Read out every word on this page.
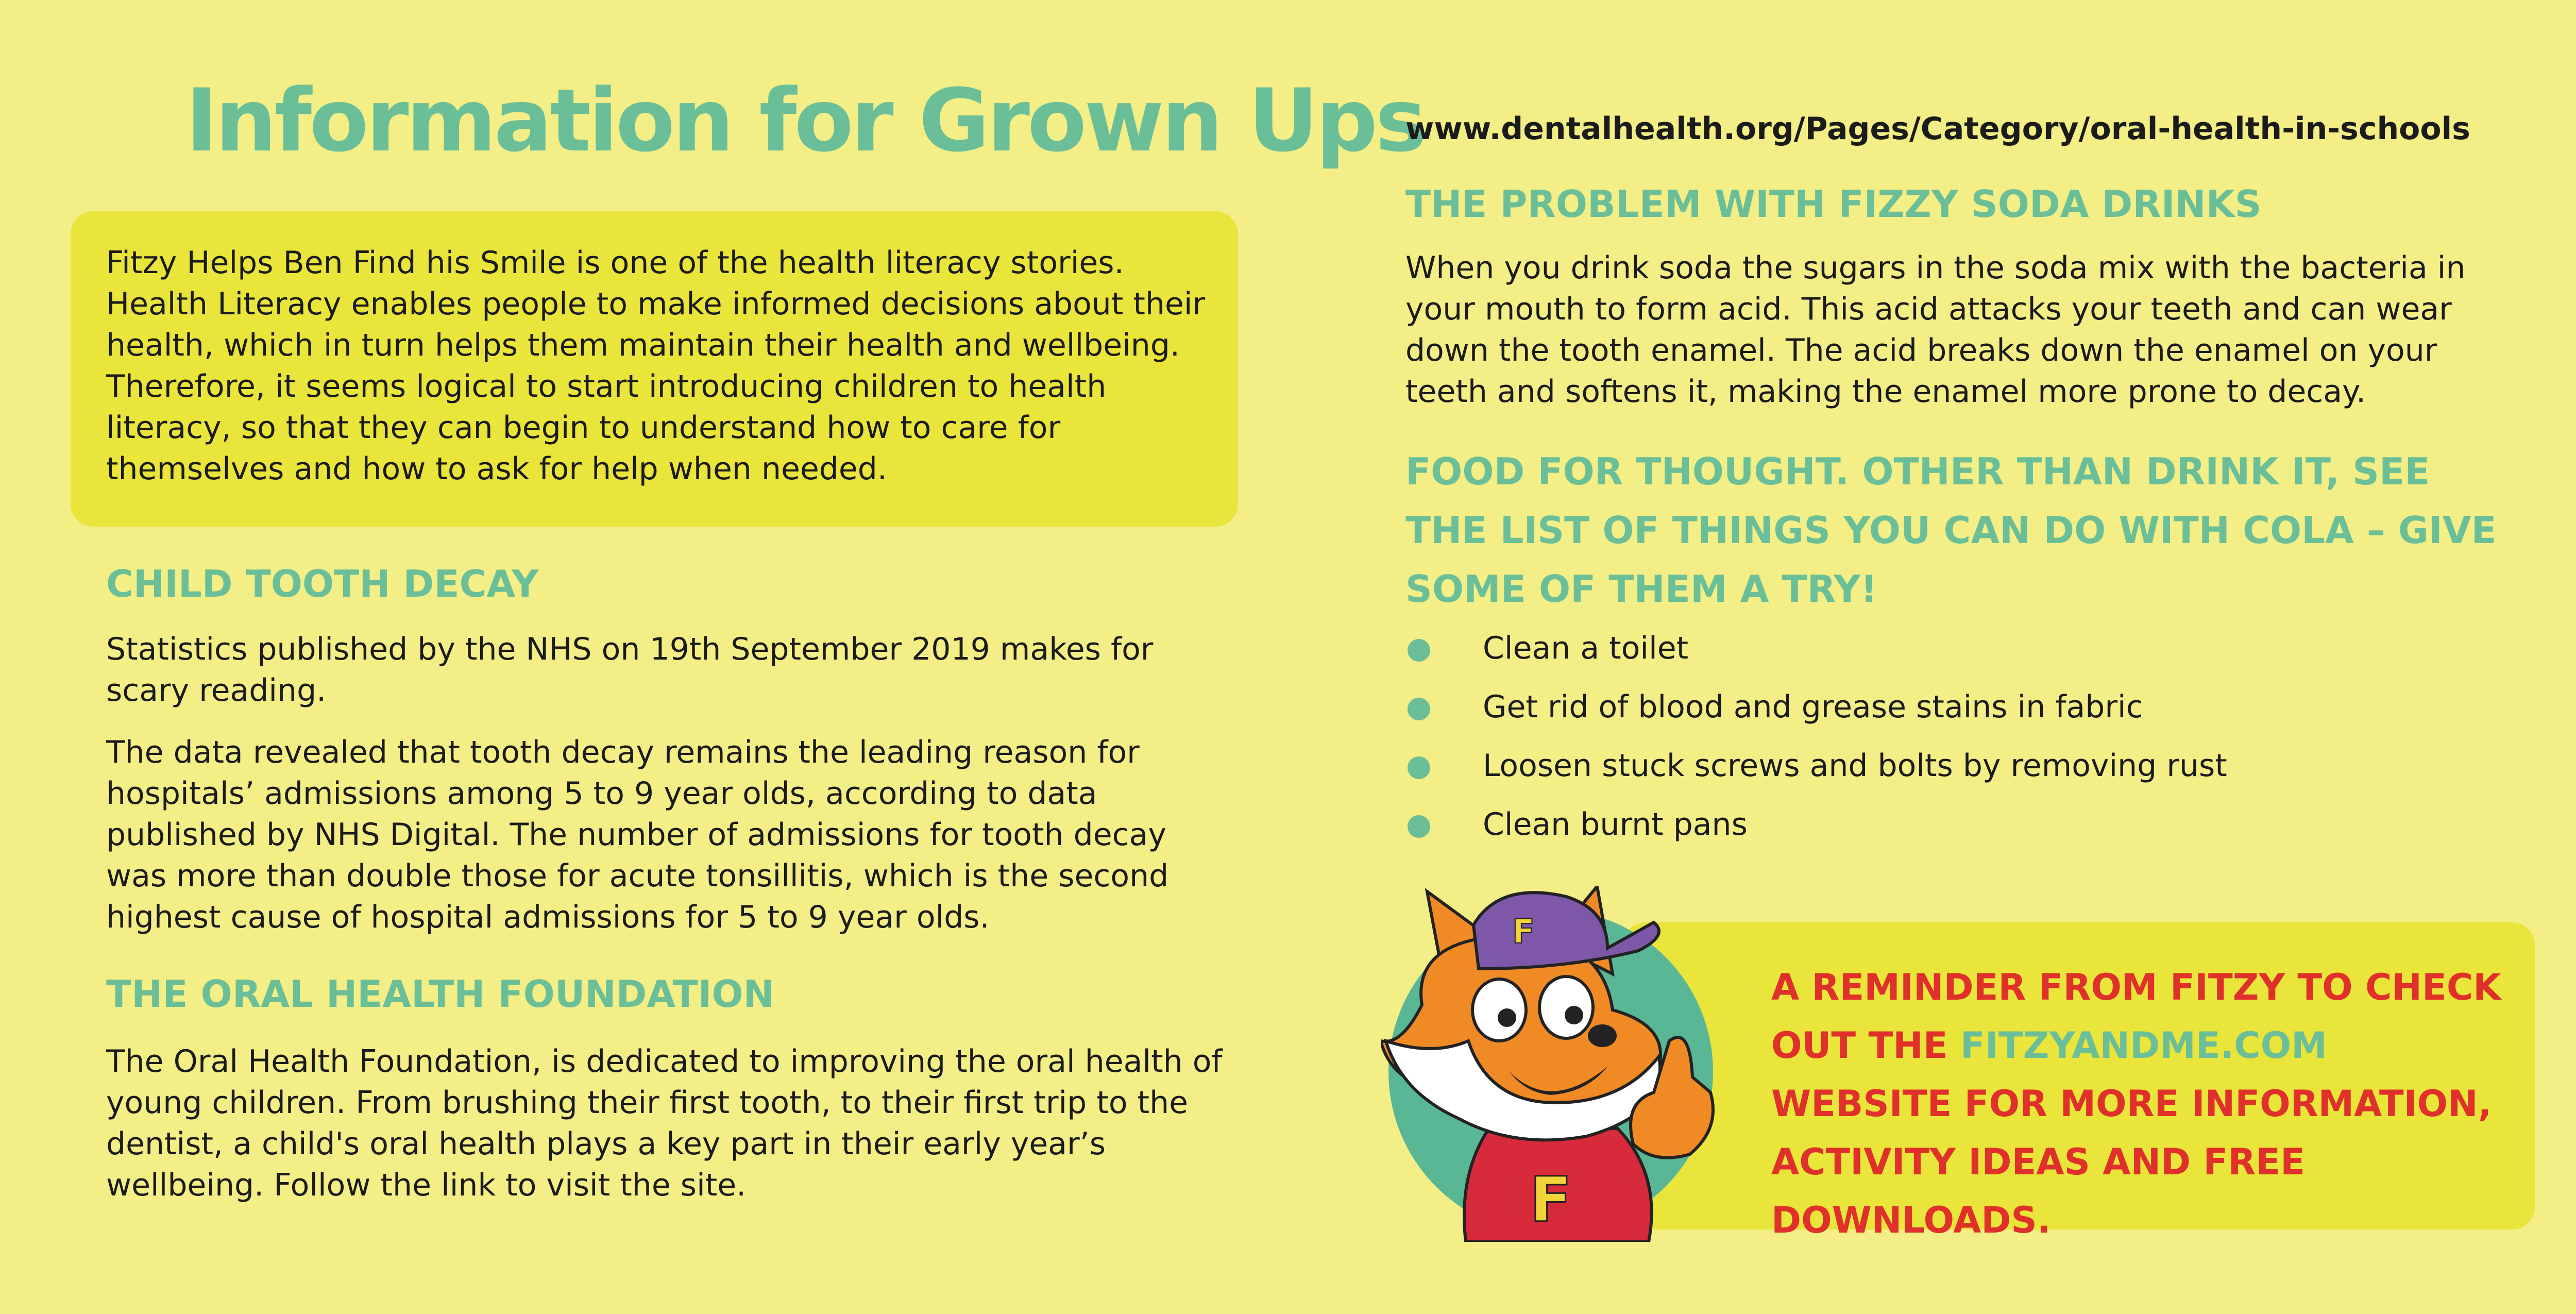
Information for Grown Ups
Fitzy Helps Ben Find his Smile is one of the health literacy stories. Health Literacy enables people to make informed decisions about their health, which in turn helps them maintain their health and wellbeing. Therefore, it seems logical to start introducing children to health literacy, so that they can begin to understand how to care for themselves and how to ask for help when needed.
CHILD TOOTH DECAY
Statistics published by the NHS on 19th September 2019 makes for scary reading.
The data revealed that tooth decay remains the leading reason for hospitals’ admissions among 5 to 9 year olds, according to data published by NHS Digital. The number of admissions for tooth decay was more than double those for acute tonsillitis, which is the second highest cause of hospital admissions for 5 to 9 year olds.
THE ORAL HEALTH FOUNDATION
The Oral Health Foundation, is dedicated to improving the oral health of young children. From brushing their first tooth, to their first trip to the dentist, a child's oral health plays a key part in their early year’s wellbeing. Follow the link to visit the site.
www.dentalhealth.org/Pages/Category/oral-health-in-schools
THE PROBLEM WITH FIZZY SODA DRINKS
When you drink soda the sugars in the soda mix with the bacteria in your mouth to form acid. This acid attacks your teeth and can wear down the tooth enamel. The acid breaks down the enamel on your teeth and softens it, making the enamel more prone to decay.
FOOD FOR THOUGHT. OTHER THAN DRINK IT, SEE THE LIST OF THINGS YOU CAN DO WITH COLA – GIVE SOME OF THEM A TRY!
Clean a toilet
Get rid of blood and grease stains in fabric
Loosen stuck screws and bolts by removing rust
Clean burnt pans
A REMINDER FROM FITZY TO CHECK OUT THE FITZYANDME.COM WEBSITE FOR MORE INFORMATION, ACTIVITY IDEAS AND FREE DOWNLOADS.
F
F
